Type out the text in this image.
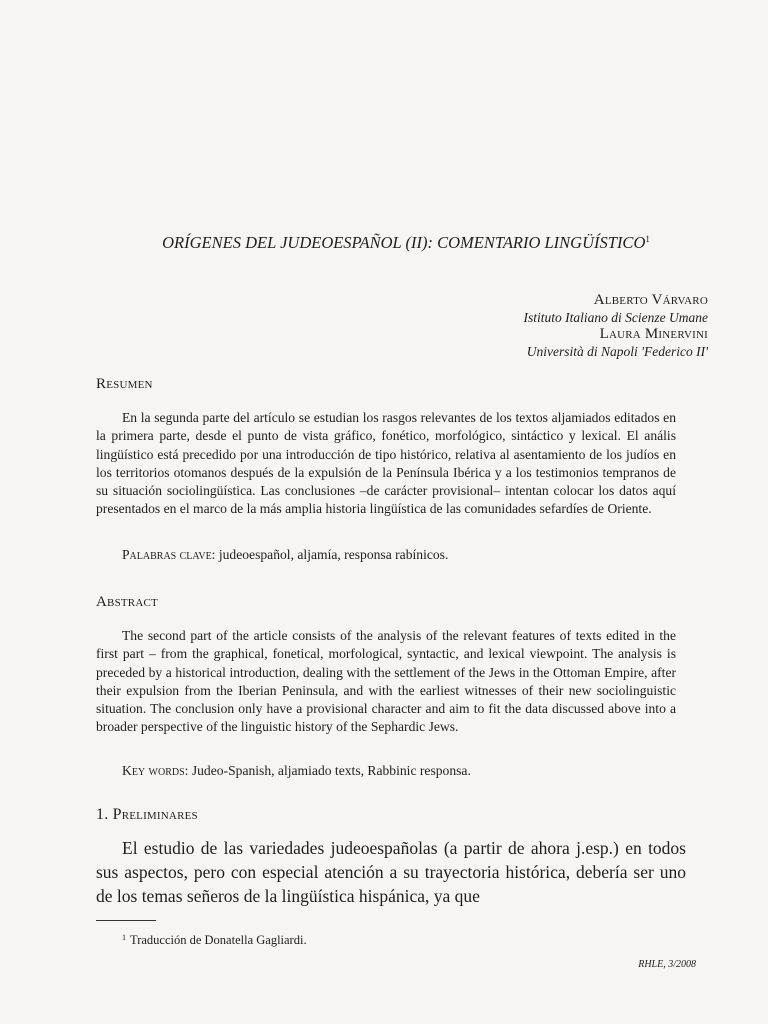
ORÍGENES DEL JUDEOESPAÑOL (II): COMENTARIO LINGÜÍSTICO$^1$
Alberto Várvaro
Istituto Italiano di Scienze Umane
Laura Minervini
Università di Napoli 'Federico II'
Resumen
En la segunda parte del artículo se estudian los rasgos relevantes de los textos aljamiados editados en la primera parte, desde el punto de vista gráfico, fonético, morfológico, sintáctico y lexical. El anális lingüístico está precedido por una introducción de tipo histórico, relativa al asentamiento de los judíos en los territorios otomanos después de la expulsión de la Península Ibérica y a los testimonios tempranos de su situación sociolingüística. Las conclusiones –de carácter provisional– intentan colocar los datos aquí presentados en el marco de la más amplia historia lingüística de las comunidades sefardíes de Oriente.
Palabras clave: judeoespañol, aljamía, responsa rabínicos.
Abstract
The second part of the article consists of the analysis of the relevant features of texts edited in the first part – from the graphical, fonetical, morfological, syntactic, and lexical viewpoint. The analysis is preceded by a historical introduction, dealing with the settlement of the Jews in the Ottoman Empire, after their expulsion from the Iberian Peninsula, and with the earliest witnesses of their new sociolinguistic situation. The conclusion only have a provisional character and aim to fit the data discussed above into a broader perspective of the linguistic history of the Sephardic Jews.
Key words: Judeo-Spanish, aljamiado texts, Rabbinic responsa.
1. Preliminares
El estudio de las variedades judeoespañolas (a partir de ahora j.esp.) en todos sus aspectos, pero con especial atención a su trayectoria histórica, debería ser uno de los temas señeros de la lingüística hispánica, ya que
$^1$ Traducción de Donatella Gagliardi.
RHLE, 3/2008
